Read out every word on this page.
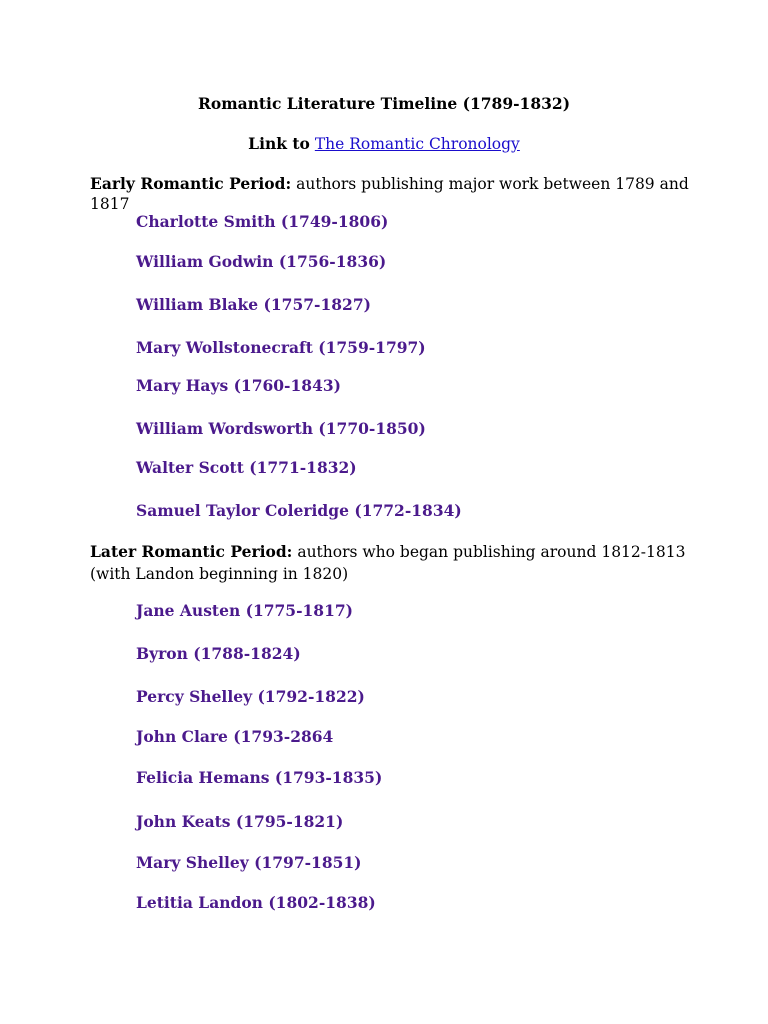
Romantic Literature Timeline (1789-1832)
Link to The Romantic Chronology
Early Romantic Period: authors publishing major work between 1789 and 1817
Charlotte Smith (1749-1806)
William Godwin (1756-1836)
William Blake (1757-1827)
Mary Wollstonecraft (1759-1797)
Mary Hays (1760-1843)
William Wordsworth (1770-1850)
Walter Scott (1771-1832)
Samuel Taylor Coleridge (1772-1834)
Later Romantic Period: authors who began publishing around 1812-1813 (with Landon beginning in 1820)
Jane Austen (1775-1817)
Byron (1788-1824)
Percy Shelley (1792-1822)
John Clare (1793-2864
Felicia Hemans (1793-1835)
John Keats (1795-1821)
Mary Shelley (1797-1851)
Letitia Landon (1802-1838)
